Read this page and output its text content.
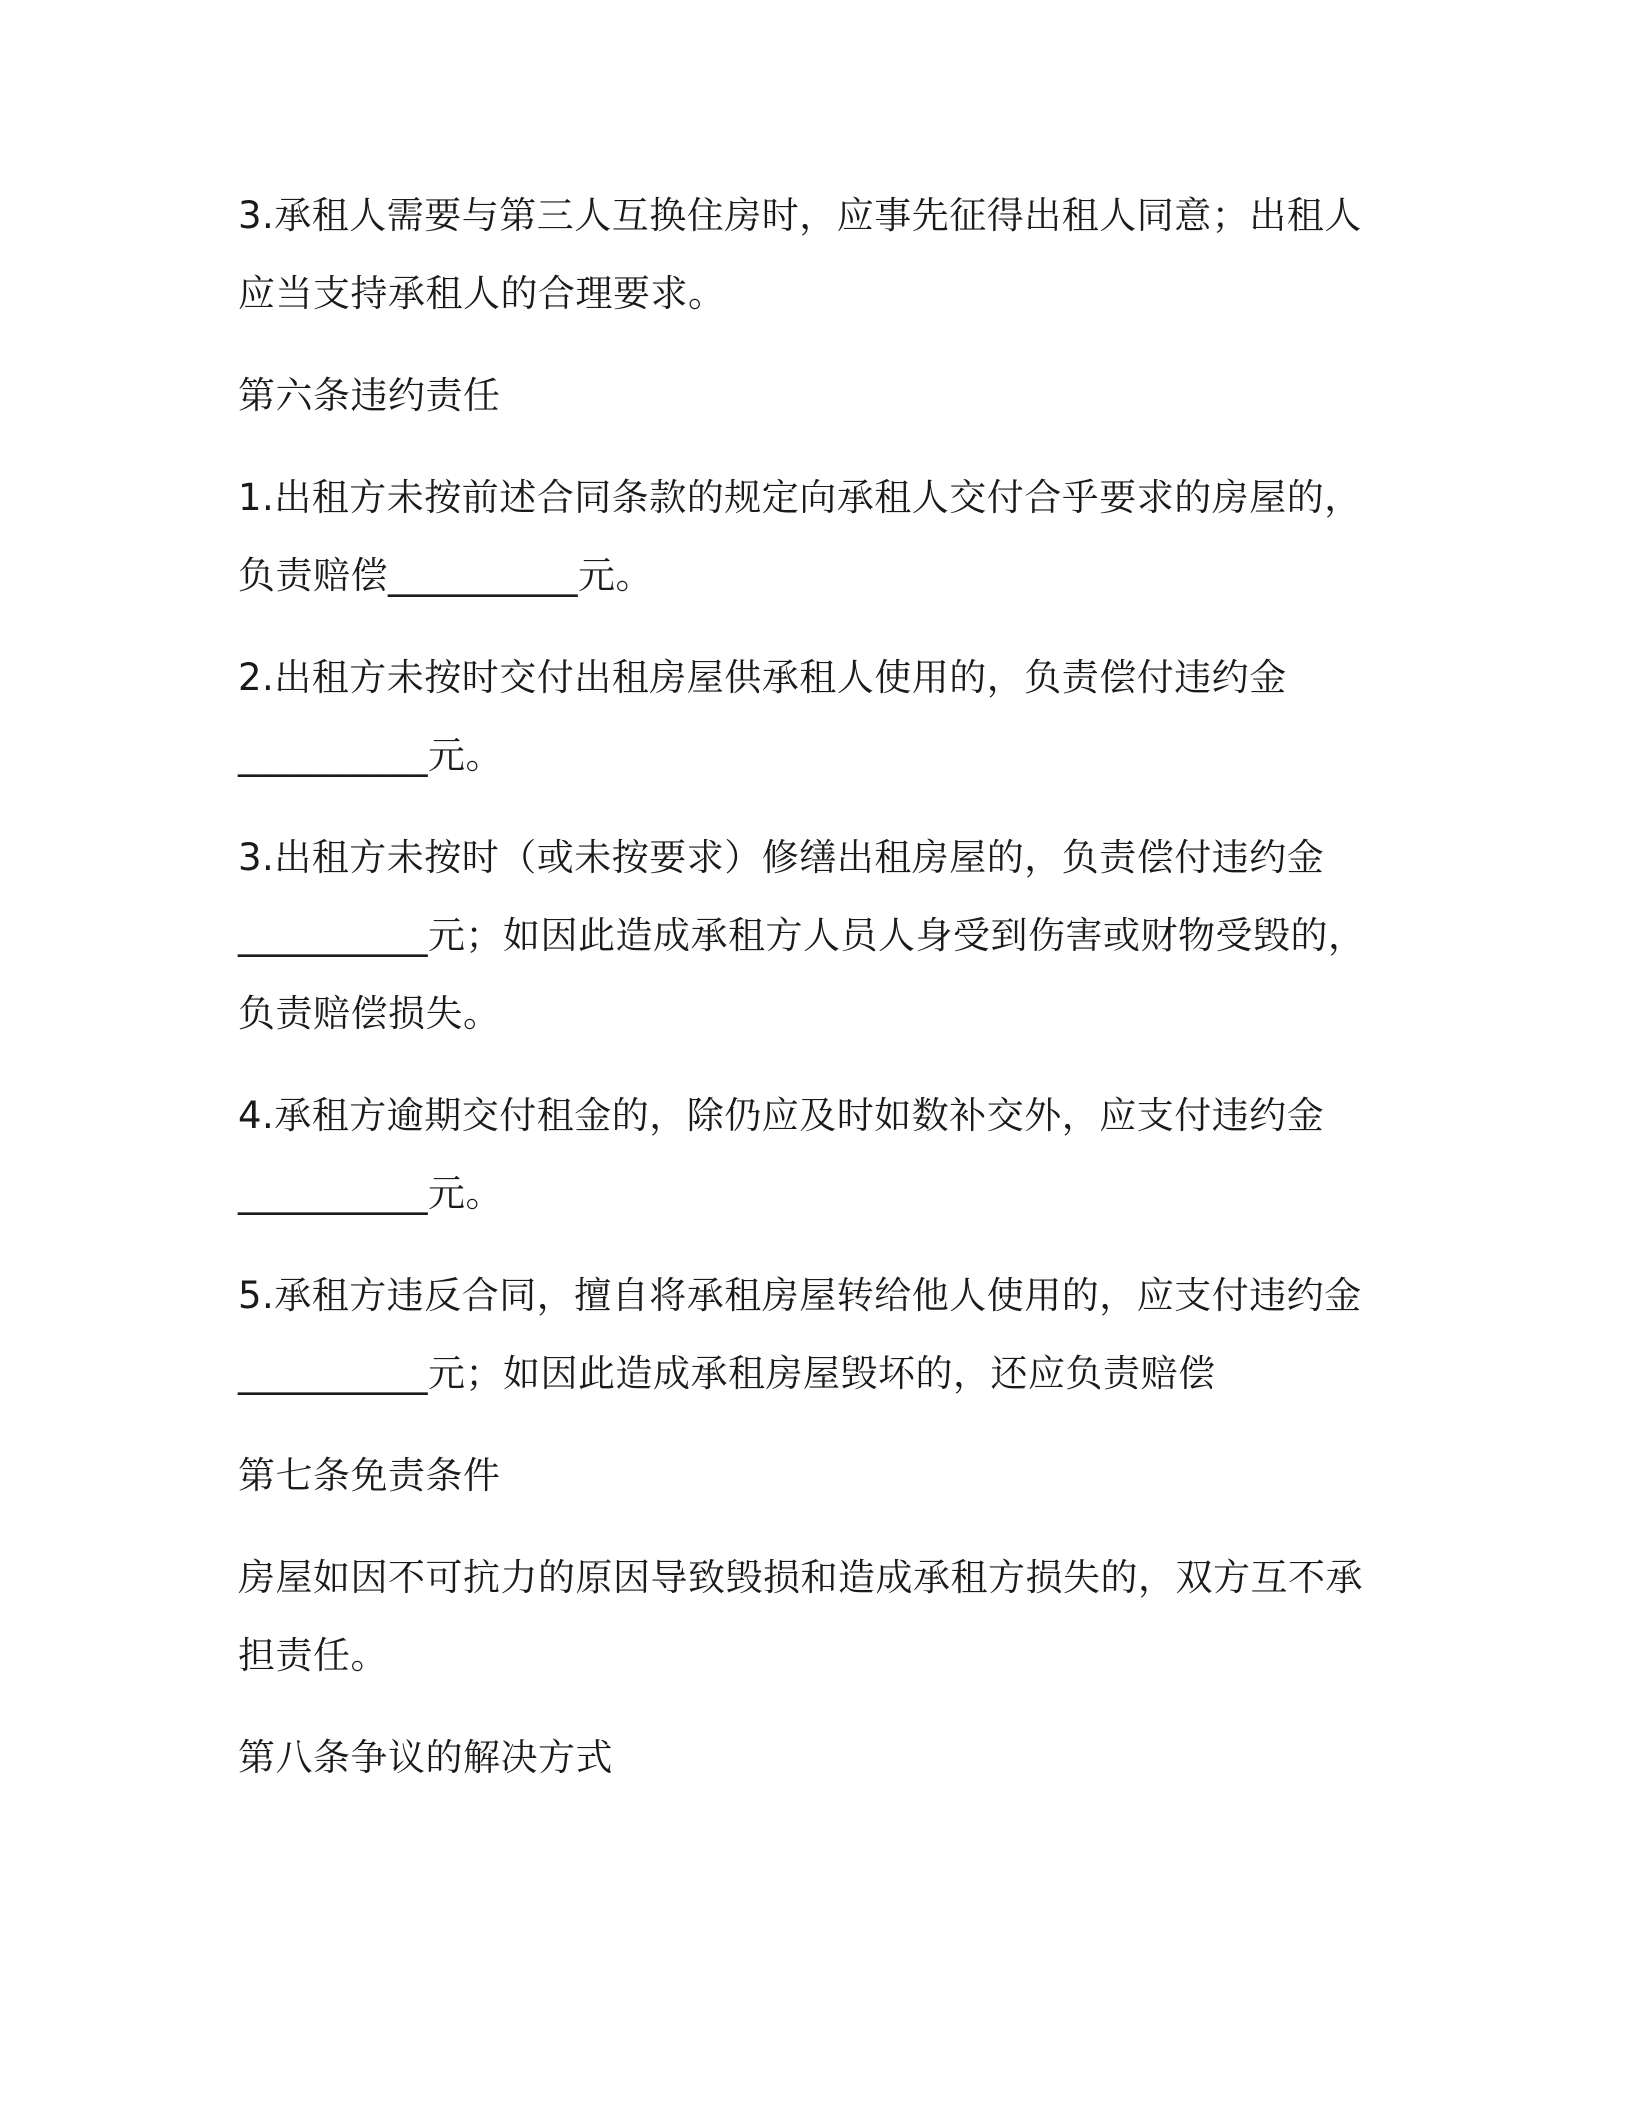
3.承租人需要与第三人互换住房时，应事先征得出租人同意；出租人
应当支持承租人的合理要求。
第六条违约责任
1.出租方未按前述合同条款的规定向承租人交付合乎要求的房屋的，
负责赔偿__________元。
2.出租方未按时交付出租房屋供承租人使用的，负责偿付违约金
__________元。
3.出租方未按时（或未按要求）修缮出租房屋的，负责偿付违约金
__________元；如因此造成承租方人员人身受到伤害或财物受毁的，
负责赔偿损失。
4.承租方逾期交付租金的，除仍应及时如数补交外，应支付违约金
__________元。
5.承租方违反合同，擅自将承租房屋转给他人使用的，应支付违约金
__________元；如因此造成承租房屋毁坏的，还应负责赔偿
第七条免责条件
房屋如因不可抗力的原因导致毁损和造成承租方损失的，双方互不承
担责任。
第八条争议的解决方式
